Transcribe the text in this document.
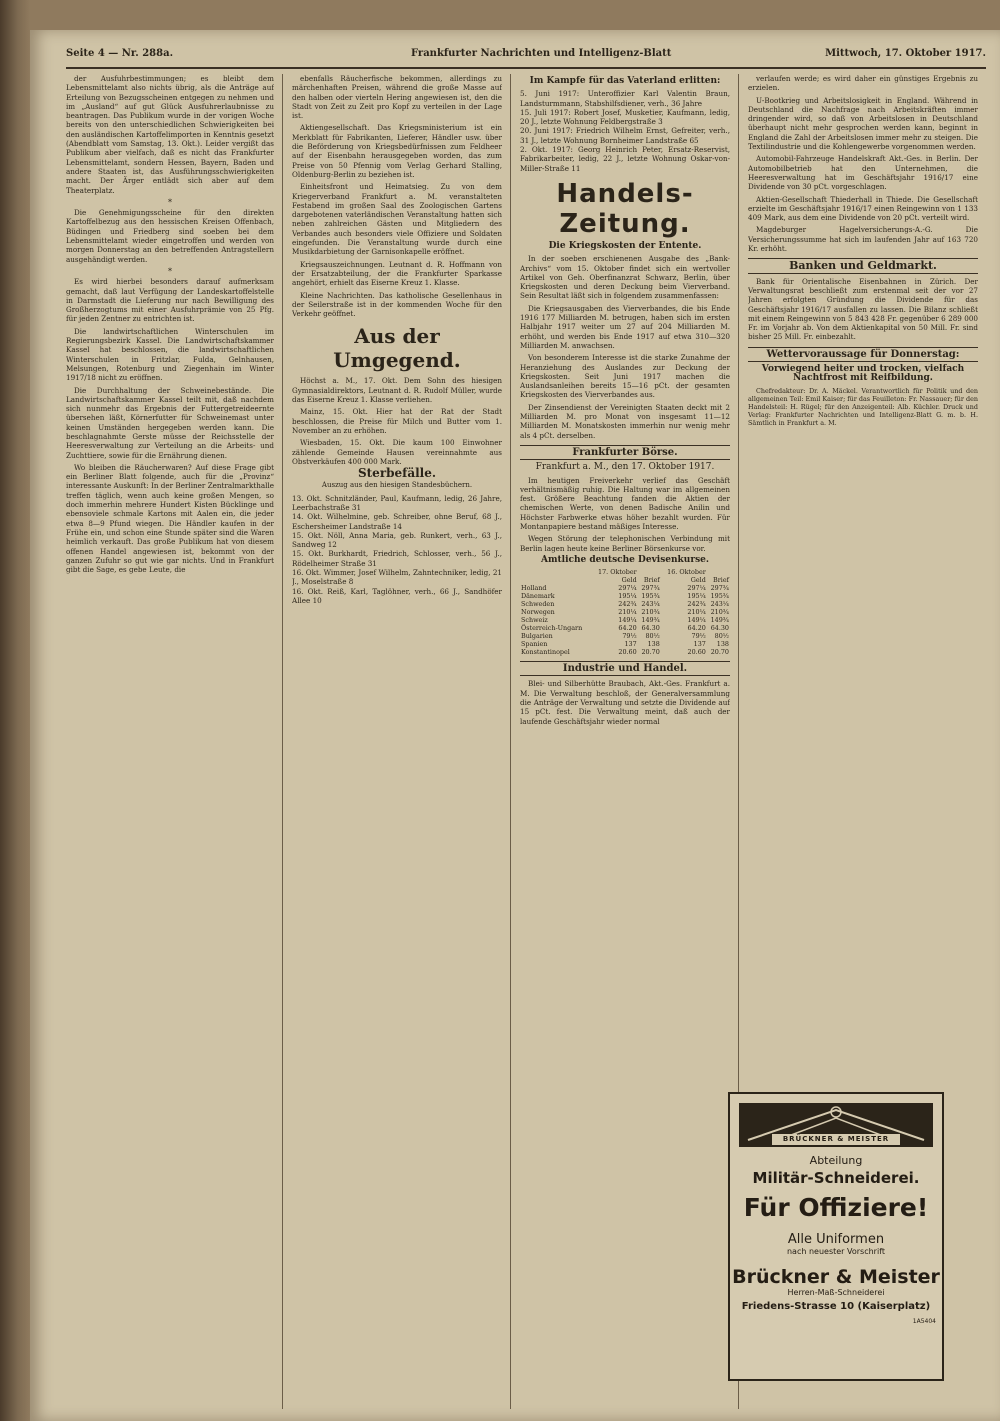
Seite 4 — Nr. 288a.	Frankfurter Nachrichten und Intelligenz-Blatt	Mittwoch, 17. Oktober 1917.

der Ausfuhrbestimmungen; es bleibt dem Lebensmittelamt also nichts übrig, als die Anträge auf Erteilung von Bezugsscheinen entgegen zu nehmen und im „Ausland“ auf gut Glück Ausfuhrerlaubnisse zu beantragen. Das Publikum wurde in der vorigen Woche bereits von den unterschiedlichen Schwierigkeiten bei den ausländischen Kartoffelimporten in Kenntnis gesetzt (Abendblatt vom Samstag, 13. Okt.). Leider vergißt das Publikum aber vielfach, daß es nicht das Frankfurter Lebensmittelamt, sondern Hessen, Bayern, Baden und andere Staaten ist, das Ausführungsschwierigkeiten macht. Der Ärger entlädt sich aber auf dem Theaterplatz.

*

Die Genehmigungsscheine für den direkten Kartoffelbezug aus den hessischen Kreisen Offenbach, Büdingen und Friedberg sind soeben bei dem Lebensmittelamt wieder eingetroffen und werden von morgen Donnerstag an den betreffenden Antragstellern ausgehändigt werden.

*

Es wird hierbei besonders darauf aufmerksam gemacht, daß laut Verfügung der Landeskartoffelstelle in Darmstadt die Lieferung nur nach Bewilligung des Großherzogtums mit einer Ausfuhrprämie von 25 Pfg. für jeden Zentner zu entrichten ist.

Die landwirtschaftlichen Winterschulen im Regierungsbezirk Kassel. Die Landwirtschaftskammer Kassel hat beschlossen, die landwirtschaftlichen Winterschulen in Fritzlar, Fulda, Gelnhausen, Melsungen, Rotenburg und Ziegenhain im Winter 1917/18 nicht zu eröffnen.

Die Durchhaltung der Schweinebestände. Die Landwirtschaftskammer Kassel teilt mit, daß nachdem sich nunmehr das Ergebnis der Futtergetreideernte übersehen läßt, Körnerfutter für Schweinemast unter keinen Umständen hergegeben werden kann. Die beschlagnahmte Gerste müsse der Reichsstelle der Heeresverwaltung zur Verteilung an die Arbeits- und Zuchttiere, sowie für die Ernährung dienen.

Wo bleiben die Räucherwaren? Auf diese Frage gibt ein Berliner Blatt folgende, auch für die „Provinz“ interessante Auskunft: In der Berliner Zentralmarkthalle treffen täglich, wenn auch keine großen Mengen, so doch immerhin mehrere Hundert Kisten Bücklinge und ebensoviele schmale Kartons mit Aalen ein, die jeder etwa 8—9 Pfund wiegen. Die Händler kaufen in der Frühe ein, und schon eine Stunde später sind die Waren heimlich verkauft. Das große Publikum hat von diesem offenen Handel angewiesen ist, bekommt von der ganzen Zufuhr so gut wie gar nichts. Und in Frankfurt gibt die Sage, es gebe Leute, die

ebenfalls Räucherfische bekommen, allerdings zu märchenhaften Preisen, während die große Masse auf den halben oder vierteln Hering angewiesen ist, den die Stadt von Zeit zu Zeit pro Kopf zu verteilen in der Lage ist.

Aktiengesellschaft. Das Kriegsministerium ist ein Merkblatt für Fabrikanten, Lieferer, Händler usw. über die Beförderung von Kriegsbedürfnissen zum Feldheer auf der Eisenbahn herausgegeben worden, das zum Preise von 50 Pfennig vom Verlag Gerhard Stalling, Oldenburg-Berlin zu beziehen ist.

Einheitsfront und Heimatsieg. Zu von dem Kriegerverband Frankfurt a. M. veranstalteten Festabend im großen Saal des Zoologischen Gartens dargebotenen vaterländischen Veranstaltung hatten sich neben zahlreichen Gästen und Mitgliedern des Verbandes auch besonders viele Offiziere und Soldaten eingefunden. Die Veranstaltung wurde durch eine Musikdarbietung der Garnisonkapelle eröffnet.

Kriegsauszeichnungen. Leutnant d. R. Hoffmann von der Ersatzabteilung, der die Frankfurter Sparkasse angehört, erhielt das Eiserne Kreuz 1. Klasse.

Kleine Nachrichten. Das katholische Gesellenhaus in der Seilerstraße ist in der kommenden Woche für den Verkehr geöffnet.

Aus der Umgegend.

Höchst a. M., 17. Okt. Dem Sohn des hiesigen Gymnasialdirektors, Leutnant d. R. Rudolf Müller, wurde das Eiserne Kreuz 1. Klasse verliehen.

Mainz, 15. Okt. Hier hat der Rat der Stadt beschlossen, die Preise für Milch und Butter vom 1. November an zu erhöhen.

Wiesbaden, 15. Okt. Die kaum 100 Einwohner zählende Gemeinde Hausen vereinnahmte aus Obstverkäufen 400 000 Mark.

Sterbefälle.
Auszug aus den hiesigen Standesbüchern.
13. Okt. Schnitzländer, Paul, Kaufmann, ledig, 26 Jahre, Leerbachstraße 31
14. Okt. Wilhelmine, geb. Schreiber, ohne Beruf, 68 J., Eschersheimer Landstraße 14
15. Okt. Nöll, Anna Maria, geb. Runkert, verh., 63 J., Sandweg 12
15. Okt. Burkhardt, Friedrich, Schlosser, verh., 56 J., Rödelheimer Straße 31
16. Okt. Wimmer, Josef Wilhelm, Zahntechniker, ledig, 21 J., Moselstraße 8
16. Okt. Reiß, Karl, Taglöhner, verh., 66 J., Sandhöfer Allee 10
Im Kampfe für das Vaterland erlitten:
5. Juni 1917: Unteroffizier Karl Valentin Braun, Landsturmmann, Stabshilfsdiener, verh., 36 Jahre
15. Juli 1917: Robert Josef, Musketier, Kaufmann, ledig, 20 J., letzte Wohnung Feldbergstraße 3
20. Juni 1917: Friedrich Wilhelm Ernst, Gefreiter, verh., 31 J., letzte Wohnung Bornheimer Landstraße 65
2. Okt. 1917: Georg Heinrich Peter, Ersatz-Reservist, Fabrikarbeiter, ledig, 22 J., letzte Wohnung Oskar-von-Miller-Straße 11
Handels-Zeitung.
Die Kriegskosten der Entente.

In der soeben erschienenen Ausgabe des „Bank-Archivs“ vom 15. Oktober findet sich ein wertvoller Artikel von Geh. Oberfinanzrat Schwarz, Berlin, über Kriegskosten und deren Deckung beim Vierverband. Sein Resultat läßt sich in folgendem zusammenfassen:

Die Kriegsausgaben des Vierverbandes, die bis Ende 1916 177 Milliarden M. betrugen, haben sich im ersten Halbjahr 1917 weiter um 27 auf 204 Milliarden M. erhöht, und werden bis Ende 1917 auf etwa 310—320 Milliarden M. anwachsen.

Von besonderem Interesse ist die starke Zunahme der Heranziehung des Auslandes zur Deckung der Kriegskosten. Seit Juni 1917 machen die Auslandsanleihen bereits 15—16 pCt. der gesamten Kriegskosten des Vierverbandes aus.

Der Zinsendienst der Vereinigten Staaten deckt mit 2 Milliarden M. pro Monat von insgesamt 11—12 Milliarden M. Monatskosten immerhin nur wenig mehr als 4 pCt. derselben.

Frankfurter Börse.
Frankfurt a. M., den 17. Oktober 1917.

Im heutigen Freiverkehr verlief das Geschäft verhältnismäßig ruhig. Die Haltung war im allgemeinen fest. Größere Beachtung fanden die Aktien der chemischen Werte, von denen Badische Anilin und Höchster Farbwerke etwas höher bezahlt wurden. Für Montanpapiere bestand mäßiges Interesse.

Wegen Störung der telephonischen Verbindung mit Berlin lagen heute keine Berliner Börsenkurse vor.

Amtliche deutsche Devisenkurse.
	17. Oktober		16. Oktober	
	Geld	Brief	Geld	Brief
Holland	297¼	297¾	297¼	297¾
Dänemark	195¼	195¾	195¼	195¾
Schweden	242¾	243¼	242¾	243¼
Norwegen	210¼	210¾	210¼	210¾
Schweiz	149¼	149¾	149¼	149¾
Österreich-Ungarn	64.20	64.30	64.20	64.30
Bulgarien	79½	80½	79½	80½
Spanien	137	138	137	138
Konstantinopel	20.60	20.70	20.60	20.70
Industrie und Handel.

Blei- und Silberhütte Braubach, Akt.-Ges. Frankfurt a. M. Die Verwaltung beschloß, der Generalversammlung die Anträge der Verwaltung und setzte die Dividende auf 15 pCt. fest. Die Verwaltung meint, daß auch der laufende Geschäftsjahr wieder normal

verlaufen werde; es wird daher ein günstiges Ergebnis zu erzielen.

U-Bootkrieg und Arbeitslosigkeit in England. Während in Deutschland die Nachfrage nach Arbeitskräften immer dringender wird, so daß von Arbeitslosen in Deutschland überhaupt nicht mehr gesprochen werden kann, beginnt in England die Zahl der Arbeitslosen immer mehr zu steigen. Die Textilindustrie und die Kohlengewerbe vorgenommen werden.

Automobil-Fahrzeuge Handelskraft Akt.-Ges. in Berlin. Der Automobilbetrieb hat den Unternehmen, die Heeresverwaltung hat im Geschäftsjahr 1916/17 eine Dividende von 30 pCt. vorgeschlagen.

Aktien-Gesellschaft Thiederhall in Thiede. Die Gesellschaft erzielte im Geschäftsjahr 1916/17 einen Reingewinn von 1 133 409 Mark, aus dem eine Dividende von 20 pCt. verteilt wird.

Magdeburger Hagelversicherungs-A.-G. Die Versicherungssumme hat sich im laufenden Jahr auf 163 720 Kr. erhöht.

Banken und Geldmarkt.

Bank für Orientalische Eisenbahnen in Zürich. Der Verwaltungsrat beschließt zum erstenmal seit der vor 27 Jahren erfolgten Gründung die Dividende für das Geschäftsjahr 1916/17 ausfallen zu lassen. Die Bilanz schließt mit einem Reingewinn von 5 843 428 Fr. gegenüber 6 289 000 Fr. im Vorjahr ab. Von dem Aktienkapital von 50 Mill. Fr. sind bisher 25 Mill. Fr. einbezahlt.

Wettervoraussage für Donnerstag:
Vorwiegend heiter und trocken, vielfach Nachtfrost mit Reifbildung.

Chefredakteur: Dr. A. Mäckel. Verantwortlich für Politik und den allgemeinen Teil: Emil Kaiser; für das Feuilleton: Fr. Nassauer; für den Handelsteil: H. Rügel; für den Anzeigenteil: Alb. Küchler. Druck und Verlag: Frankfurter Nachrichten und Intelligenz-Blatt G. m. b. H. Sämtlich in Frankfurt a. M.

BRÜCKNER & MEISTER
Abteilung
Militär-Schneiderei.
Für Offiziere!
Alle Uniformen
nach neuester Vorschrift
Brückner & Meister
Herren-Maß-Schneiderei
Friedens-Strasse 10 (Kaiserplatz)
1A5404
